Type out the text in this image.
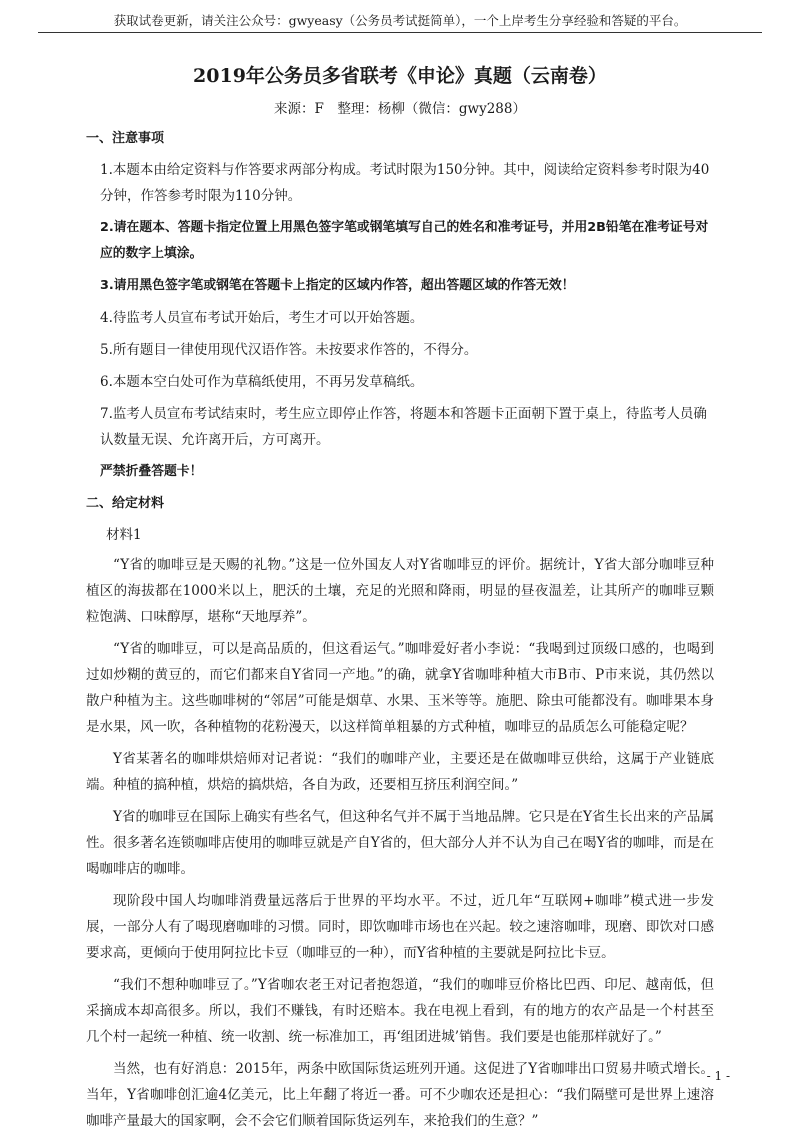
获取试卷更新，请关注公众号：gwyeasy（公务员考试挺简单），一个上岸考生分享经验和答疑的平台。
2019年公务员多省联考《申论》真题（云南卷）
来源：F　整理：杨柳（微信：gwy288）
一、注意事项
1.本题本由给定资料与作答要求两部分构成。考试时限为150分钟。其中，阅读给定资料参考时限为40分钟，作答参考时限为110分钟。
2.请在题本、答题卡指定位置上用黑色签字笔或钢笔填写自己的姓名和准考证号，并用2B铅笔在准考证号对应的数字上填涂。
3.请用黑色签字笔或钢笔在答题卡上指定的区域内作答，超出答题区域的作答无效！
4.待监考人员宣布考试开始后，考生才可以开始答题。
5.所有题目一律使用现代汉语作答。未按要求作答的，不得分。
6.本题本空白处可作为草稿纸使用，不再另发草稿纸。
7.监考人员宣布考试结束时，考生应立即停止作答，将题本和答题卡正面朝下置于桌上，待监考人员确认数量无误、允许离开后，方可离开。
严禁折叠答题卡！
二、给定材料
材料1
“Y省的咖啡豆是天赐的礼物。”这是一位外国友人对Y省咖啡豆的评价。据统计，Y省大部分咖啡豆种植区的海拔都在1000米以上，肥沃的土壤，充足的光照和降雨，明显的昼夜温差，让其所产的咖啡豆颗粒饱满、口味醇厚，堪称“天地厚养”。
“Y省的咖啡豆，可以是高品质的，但这看运气。”咖啡爱好者小李说：“我喝到过顶级口感的，也喝到过如炒糊的黄豆的，而它们都来自Y省同一产地。”的确，就拿Y省咖啡种植大市B市、P市来说，其仍然以散户种植为主。这些咖啡树的“邻居”可能是烟草、水果、玉米等等。施肥、除虫可能都没有。咖啡果本身是水果，风一吹，各种植物的花粉漫天，以这样简单粗暴的方式种植，咖啡豆的品质怎么可能稳定呢？
Y省某著名的咖啡烘焙师对记者说：“我们的咖啡产业，主要还是在做咖啡豆供给，这属于产业链底端。种植的搞种植，烘焙的搞烘焙，各自为政，还要相互挤压利润空间。”
Y省的咖啡豆在国际上确实有些名气，但这种名气并不属于当地品牌。它只是在Y省生长出来的产品属性。很多著名连锁咖啡店使用的咖啡豆就是产自Y省的，但大部分人并不认为自己在喝Y省的咖啡，而是在喝咖啡店的咖啡。
现阶段中国人均咖啡消费量远落后于世界的平均水平。不过，近几年“互联网+咖啡”模式进一步发展，一部分人有了喝现磨咖啡的习惯。同时，即饮咖啡市场也在兴起。较之速溶咖啡，现磨、即饮对口感要求高，更倾向于使用阿拉比卡豆（咖啡豆的一种），而Y省种植的主要就是阿拉比卡豆。
“我们不想种咖啡豆了。”Y省咖农老王对记者抱怨道，“我们的咖啡豆价格比巴西、印尼、越南低，但采摘成本却高很多。所以，我们不赚钱，有时还赔本。我在电视上看到，有的地方的农产品是一个村甚至几个村一起统一种植、统一收割、统一标准加工，再‘组团进城’销售。我们要是也能那样就好了。”
当然，也有好消息：2015年，两条中欧国际货运班列开通。这促进了Y省咖啡出口贸易井喷式增长。当年，Y省咖啡创汇逾4亿美元，比上年翻了将近一番。可不少咖农还是担心：“我们隔壁可是世界上速溶咖啡产量最大的国家啊，会不会它们顺着国际货运列车，来抢我们的生意？”
- 1 -
